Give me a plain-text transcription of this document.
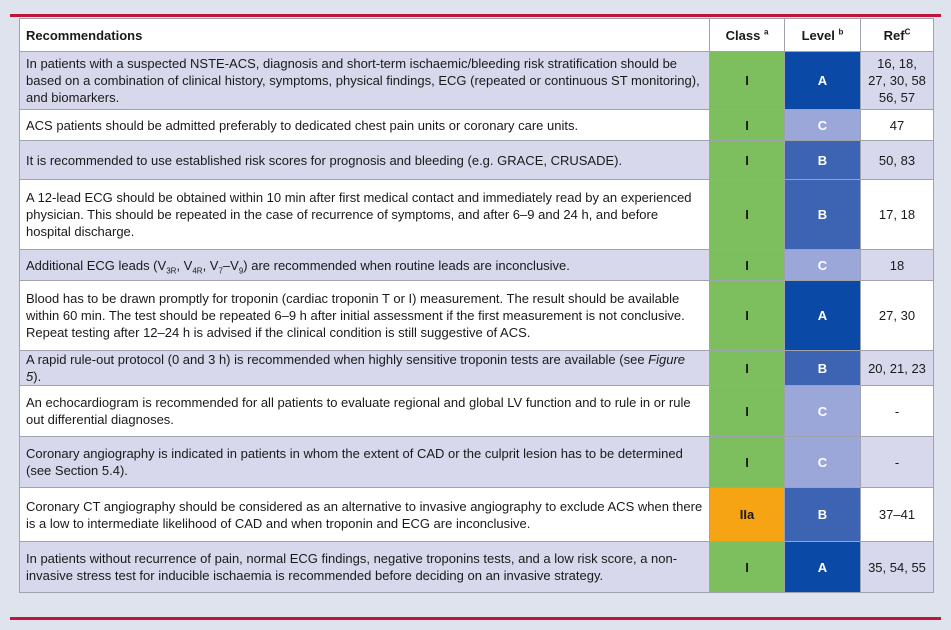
Recommendations	Class $^a$	Level $^b$	Ref$^C$
In patients with a suspected NSTE-ACS, diagnosis and short-term ischaemic/bleeding risk stratification should be based on a combination of clinical history, symptoms, physical findings, ECG (repeated or continuous ST monitoring), and biomarkers.	I	A	16, 18, 27, 30, 58 56, 57
ACS patients should be admitted preferably to dedicated chest pain units or coronary care units.	I	C	47
It is recommended to use established risk scores for prognosis and bleeding (e.g. GRACE, CRUSADE).	I	B	50, 83
A 12-lead ECG should be obtained within 10 min after first medical contact and immediately read by an experienced physician. This should be repeated in the case of recurrence of symptoms, and after 6–9 and 24 h, and before hospital discharge.	I	B	17, 18
Additional ECG leads ($V_{3R}$, $V_{4R}$, $V_7-V_9$) are recommended when routine leads are inconclusive.	I	C	18
Blood has to be drawn promptly for troponin (cardiac troponin T or I) measurement. The result should be available within 60 min. The test should be repeated 6–9 h after initial assessment if the first measurement is not conclusive. Repeat testing after 12–24 h is advised if the clinical condition is still suggestive of ACS.	I	A	27, 30
A rapid rule-out protocol (0 and 3 h) is recommended when highly sensitive troponin tests are available (see Figure 5).	I	B	20, 21, 23
An echocardiogram is recommended for all patients to evaluate regional and global LV function and to rule in or rule out differential diagnoses.	I	C	-
Coronary angiography is indicated in patients in whom the extent of CAD or the culprit lesion has to be determined (see Section 5.4).	I	C	-
Coronary CT angiography should be considered as an alternative to invasive angiography to exclude ACS when there is a low to intermediate likelihood of CAD and when troponin and ECG are inconclusive.	IIa	B	37–41
In patients without recurrence of pain, normal ECG findings, negative troponins tests, and a low risk score, a non-invasive stress test for inducible ischaemia is recommended before deciding on an invasive strategy.	I	A	35, 54, 55
